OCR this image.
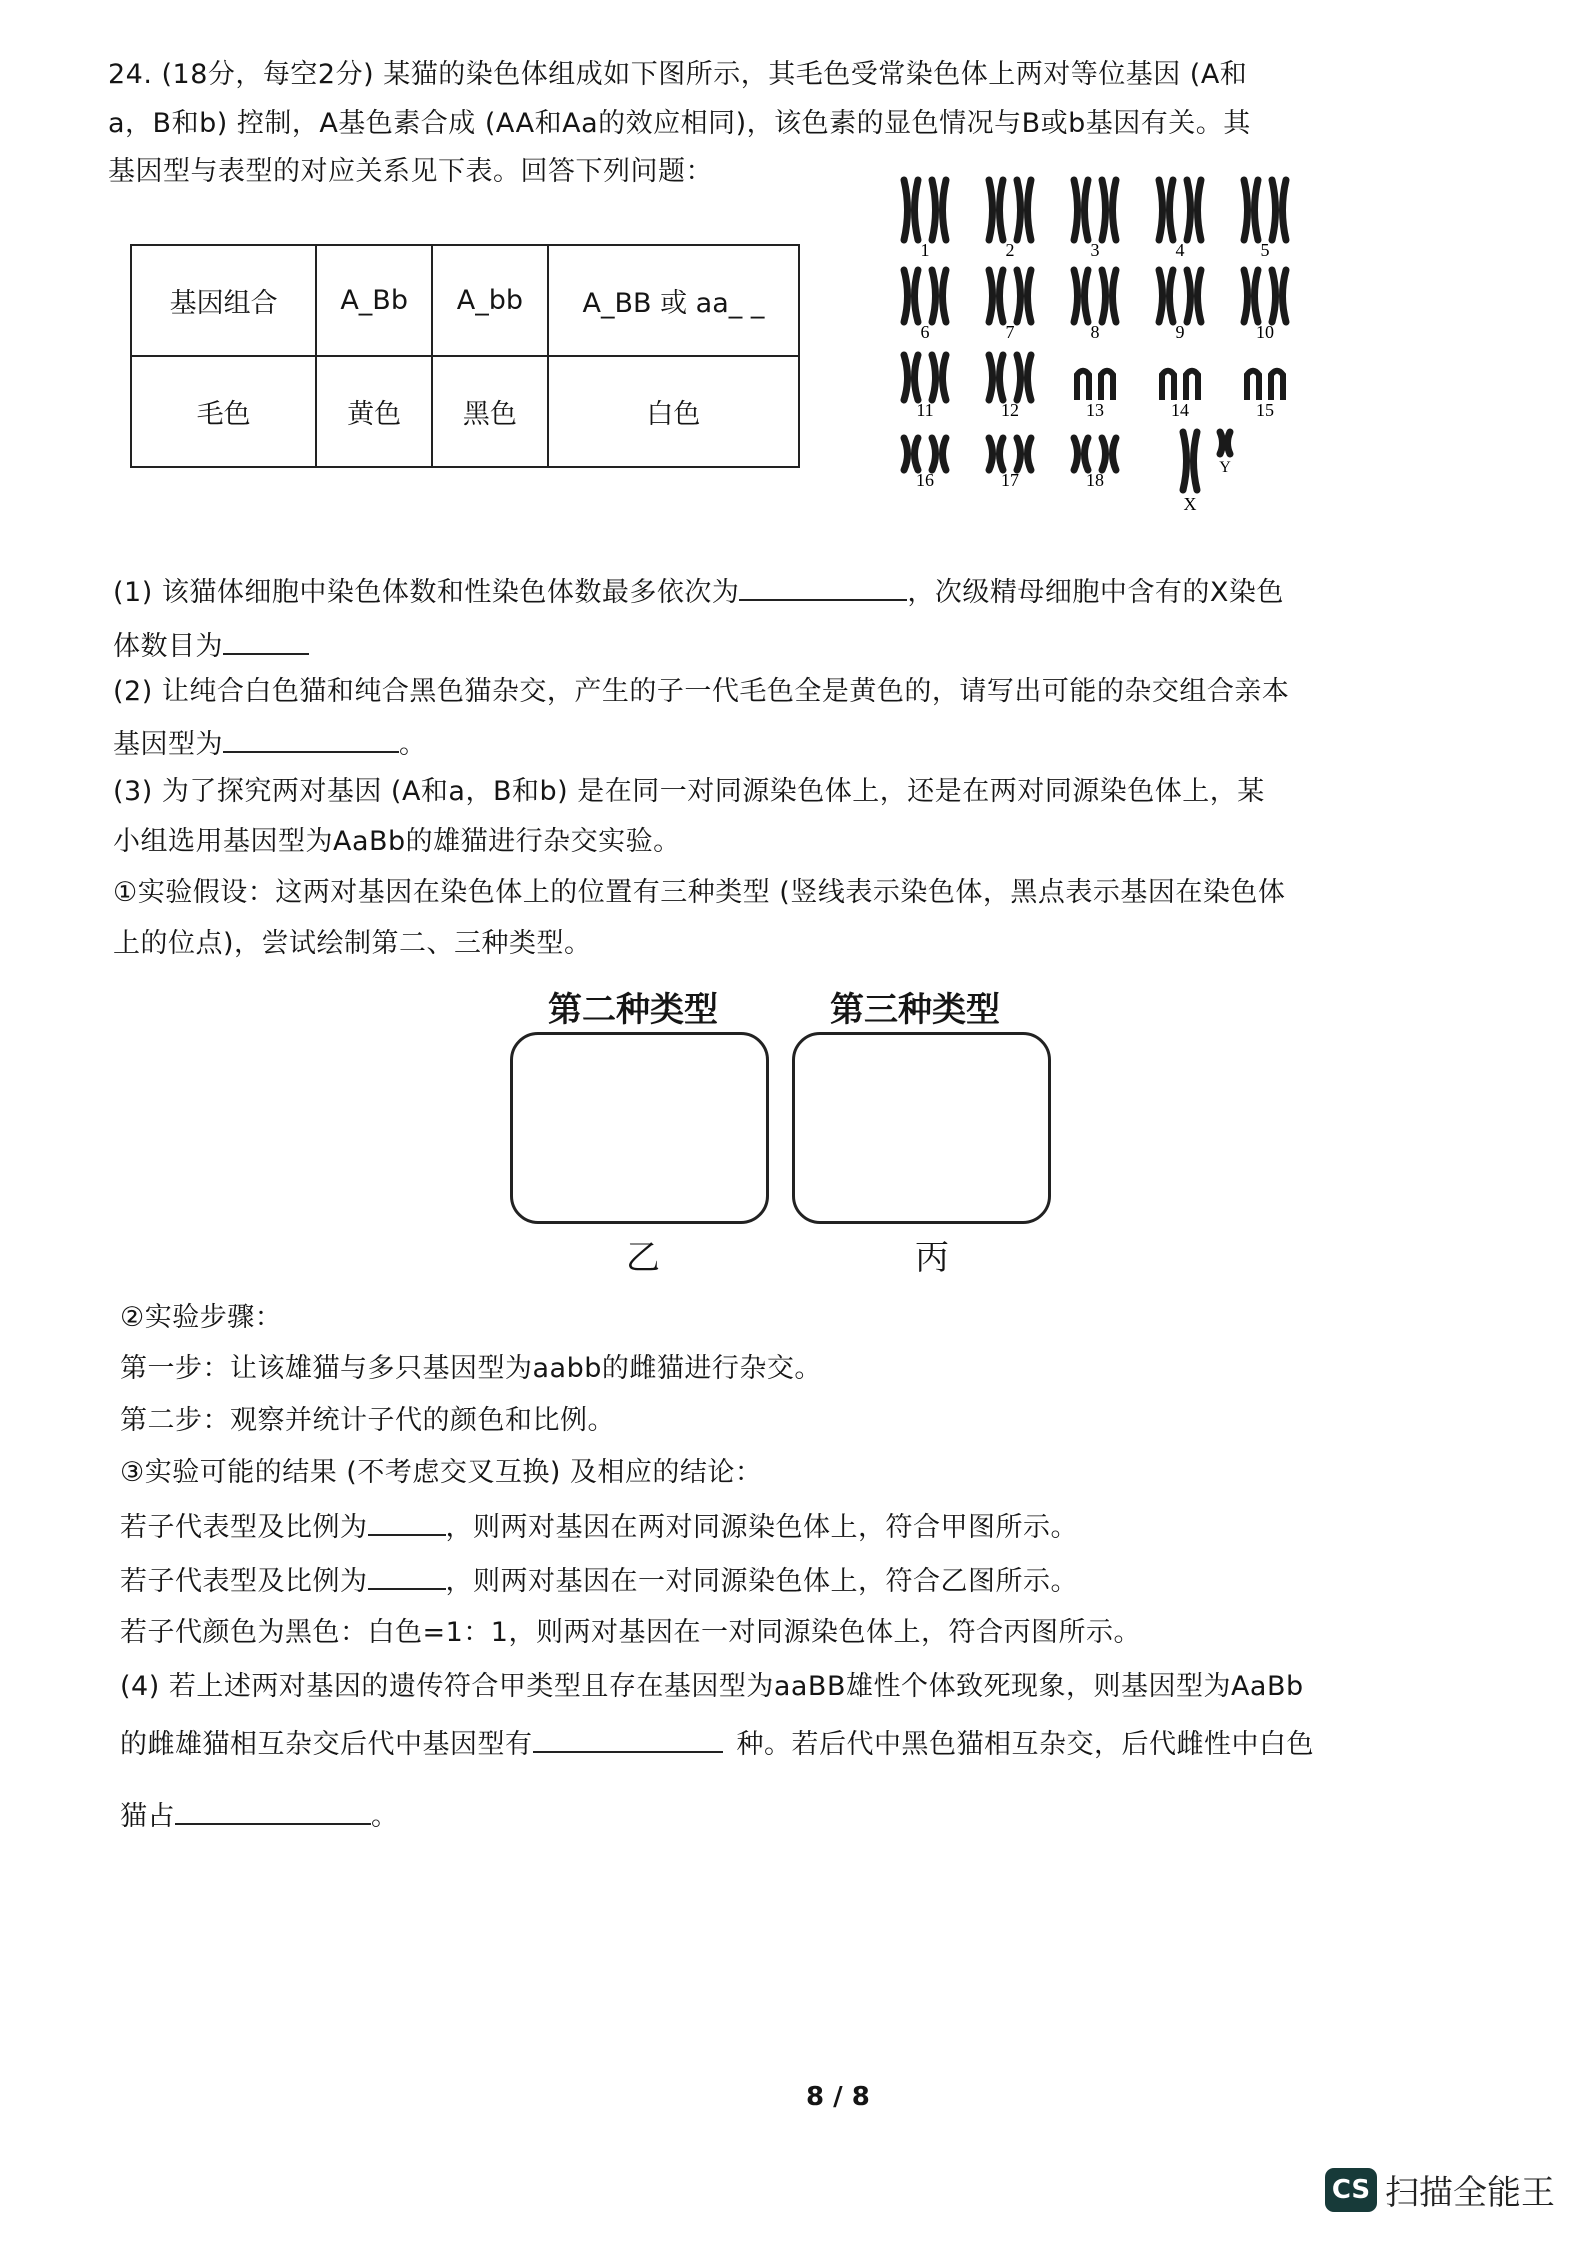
24. (18分，每空2分) 某猫的染色体组成如下图所示，其毛色受常染色体上两对等位基因 (A和
a，B和b) 控制，A基色素合成 (AA和Aa的效应相同)，该色素的显色情况与B或b基因有关。其
基因型与表型的对应关系见下表。回答下列问题：
基因组合	A_Bb	A_bb	A_BB 或 aa_ _
毛色	黄色	黑色	白色
1	2	3	4	5
6	7	8	9	10
11	12	13	14	15
16	17	18
X
Y
(1) 该猫体细胞中染色体数和性染色体数最多依次为	，次级精母细胞中含有的X染色
体数目为
(2) 让纯合白色猫和纯合黑色猫杂交，产生的子一代毛色全是黄色的，请写出可能的杂交组合亲本
基因型为	。
(3) 为了探究两对基因 (A和a，B和b) 是在同一对同源染色体上，还是在两对同源染色体上，某
小组选用基因型为AaBb的雄猫进行杂交实验。
①实验假设：这两对基因在染色体上的位置有三种类型 (竖线表示染色体，黑点表示基因在染色体
上的位点)，尝试绘制第二、三种类型。
第二种类型	第三种类型
乙	丙
②实验步骤：
第一步：让该雄猫与多只基因型为aabb的雌猫进行杂交。
第二步：观察并统计子代的颜色和比例。
③实验可能的结果 (不考虑交叉互换) 及相应的结论：
若子代表型及比例为	，则两对基因在两对同源染色体上，符合甲图所示。
若子代表型及比例为	，则两对基因在一对同源染色体上，符合乙图所示。
若子代颜色为黑色：白色=1：1，则两对基因在一对同源染色体上，符合丙图所示。
(4) 若上述两对基因的遗传符合甲类型且存在基因型为aaBB雄性个体致死现象，则基因型为AaBb
的雌雄猫相互杂交后代中基因型有	种。若后代中黑色猫相互杂交，后代雌性中白色
猫占	。
8 / 8
CS 扫描全能王
